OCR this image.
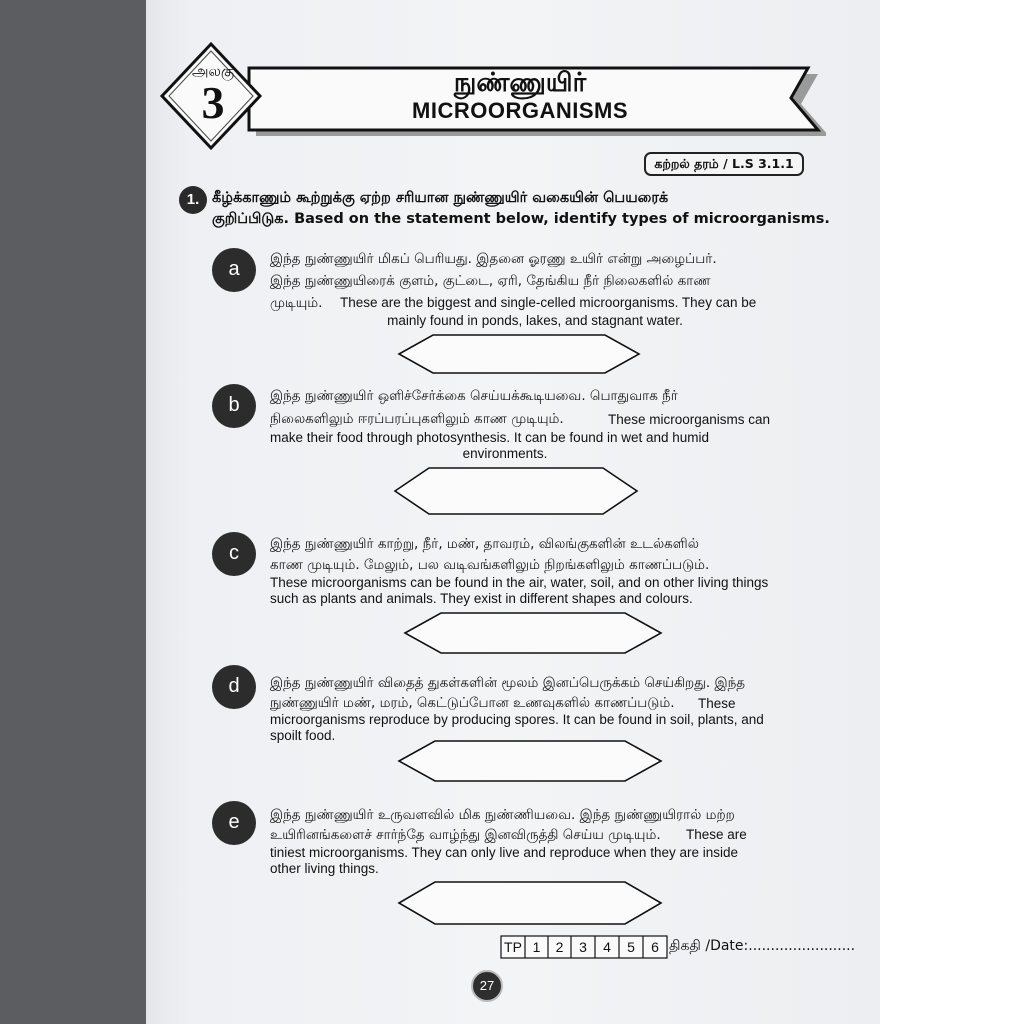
அலகு
3	நுண்ணுயிர்
MICROORGANISMS
கற்றல் தரம் / L.S 3.1.1
1. கீழ்க்காணும் கூற்றுக்கு ஏற்ற சரியான நுண்ணுயிர் வகையின் பெயரைக்
குறிப்பிடுக. Based on the statement below, identify types of microorganisms.
a	இந்த நுண்ணுயிர் மிகப் பெரியது. இதனை ஓரணு உயிர் என்று அழைப்பர்.
இந்த நுண்ணுயிரைக் குளம், குட்டை, ஏரி, தேங்கிய நீர் நிலைகளில் காண
முடியும். These are the biggest and single-celled microorganisms. They can be
mainly found in ponds, lakes, and stagnant water.
b	இந்த நுண்ணுயிர் ஒளிச்சேர்க்கை செய்யக்கூடியவை. பொதுவாக நீர்
நிலைகளிலும் ஈரப்பரப்புகளிலும் காண முடியும்.	These microorganisms can
make their food through photosynthesis. It can be found in wet and humid
environments.
c	இந்த நுண்ணுயிர் காற்று, நீர், மண், தாவரம், விலங்குகளின் உடல்களில்
காண முடியும். மேலும், பல வடிவங்களிலும் நிறங்களிலும் காணப்படும்.
These microorganisms can be found in the air, water, soil, and on other living things
such as plants and animals. They exist in different shapes and colours.
d	இந்த நுண்ணுயிர் விதைத் துகள்களின் மூலம் இனப்பெருக்கம் செய்கிறது. இந்த
நுண்ணுயிர் மண், மரம், கெட்டுப்போன உணவுகளில் காணப்படும். These
microorganisms reproduce by producing spores. It can be found in soil, plants, and
spoilt food.
e	இந்த நுண்ணுயிர் உருவளவில் மிக நுண்ணியவை. இந்த நுண்ணுயிரால் மற்ற
உயிரினங்களைச் சார்ந்தே வாழ்ந்து இனவிருத்தி செய்ய முடியும். These are
tiniest microorganisms. They can only live and reproduce when they are inside
other living things.
TP 1	2	3	4	5	6 திகதி /Date:........................
27
